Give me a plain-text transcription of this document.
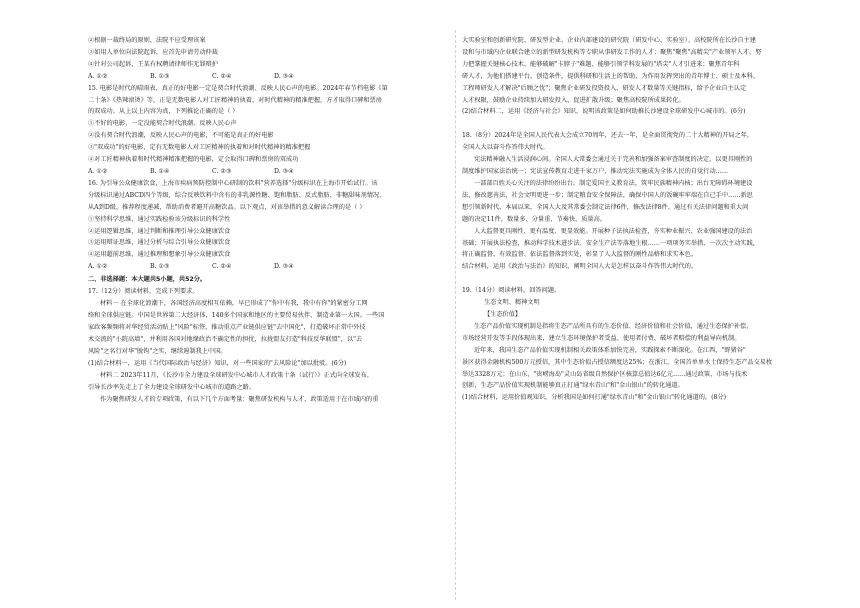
②根据一裁终局的原则，法院不应受理该案
③如用人单位向法院起诉，应首先申请劳动仲裁
④针对公司起诉，王某有权聘请律师作无罪辩护
A. ①②	B. ①③	C. ②④	D. ③④
15. 电影是时代的晴雨表，真正的好电影一定是契合时代浪潮、反映人民心声的电影。2024年春节档电影《第
二十条》《热辣滚烫》等，正是无数电影人对工匠精神的执着，对时代精神的精准把握，方才取得口碑和票房
的双成功。从上以上内容为真，下列推论正确的是（ ）
①不好的电影，一定没能契合时代浪潮、反映人民心声
②没有契合时代浪潮，反映人民心声的电影，不可能是真正的好电影
③"双成功"的好电影，定有无数电影人对工匠精神的执着和对时代精神的精准把握
④对工匠精神执着和时代精神精准把握的电影，定会取得口碑和票房的双成功
A. ①②	B. ①④	C. ②③	D. ③④
16. 为引导公众健康饮食，上海市疾病预防控制中心研制的饮料"营养选择"分级标识在上海市开始试行。该
分级标识通过ABCD四个等级，综合反映饮料中含有的非乳源性糖、饱和脂肪、反式脂肪、非糖甜味剂情况，
从A到D级，推荐程度递减，帮助消费者避开高糖饮品。以下观点，对该举措的意义解读合理的是（ ）
①坚持科学思维，通过实践检验该分级标识的科学性
②运用逻辑思维，通过判断和推理引导公众健康饮食
③运用辩证思维，通过分析与综合引导公众健康饮食
④运用超前思维，通过推理和想象引导公众健康饮食
A. ①②	B. ①③	C. ②④	D. ③④
二、非选择题：本大题共5小题，共52分。
17.（12分）阅读材料，完成下列要求。
材料一 在全球化浪潮下，各国经济高度相互依赖，早已形成了"你中有我，我中有你"的紧密分工网
络和全球供应链。中国是世界第二大经济体，140多个国家和地区的主要贸易伙伴、制造业第一大国。一些国
家政客频频将对华经贸活动贴上"风险"标签，推动重点产业链供应链"去中国化"，打造破坏正常中外技
术交流的"小院高墙"，并利用各国对地缘政治不确定性的担忧，拉拢盟友打造"科技反华联盟"，以"去
风险"之名行对华"脱钩"之实，继续遏制我上中国。
(1)结合材料一，运用《当代国际政治与经济》知识，对一些国家的"去风险论"加以批驳。(6分)
材料二 2023年11月，《长沙市全力建设全球研发中心城市人才政策十条（试行）》正式向全球发布，
引导长沙率先走上了全力建设全球研发中心城市的道路之路。
作为聚焦研发人才的专项政策，有以下几个方面考量：聚焦研发机构与人才，政策适用于在市域内的重
大实验室和创新研究院、研发型企业、企业内部建设的研究院（研发中心、实验室）、高校院所在长沙自主建
设和与市域内企业联合建立的新型研发机构等专职从事研发工作的人才；聚焦"聚焦"高精尖"产业领军人才，努
力把掌握关键核心技术、能够破解"卡脖子"难题、能够引领学科发展的"塔尖"人才引进来；聚焦青年科
研人才，为他们搭建平台、创造条件，提供科研和生活上的帮助，为作用发挥突出的青年博士、硕士及本科、
工程师研发人才解决"后顾之忧"；聚焦企业研发投资投入、研发人才数量等关键指标，给予企业自主认定
人才权限，鼓励企业持续加大研发投入，促进扩散升级；聚焦高校院所成果转化。
(2)结合材料二，运用《经济与社会》知识，说明该政策是如何助推长沙建设全球研发中心城市的。(6分)
18.（8分）2024年是全国人民代表大会成立70周年，还去一年，是全面贯彻党的二十大精神的开局之年，
全国人大以奋斗作答伟大时代。
宪法精神融入生活浸润心间。全国人大常委会通过关于完善和加强备案审查制度的决定，以更具刚性的
制度维护国家法治统一；宪法宣传教育走进千家万户，推动宪法实施成为全体人民的自觉行动……
一部部百姓关心关注的法律纷纷出台。制定爱国主义教育法，筑牢民族精神内核；出台无障碍环境建设
法，修改慈善法，社会文明更进一步；制定粮食安全保障法，确保中国人的饭碗牢牢端在自己手中……新思
想引领新时代，本届以来，全国人大及其常委会制定法律6件，修改法律8件，通过有关法律问题和重大问
题的决定11件，数量多、分量重、节奏快、质量高。
人大监督更具刚性、更有温度、更显效能。开展种子法执法检查，夯实种业振兴、农业强国建设的法治
基础；开展执法检查，推动科学技术进步法、安全生产法等落地生根……一项项务实举措、一次次主动实践，
将正确监督、有效监督、依法监督落到实处，彰显了人大监督的刚性品格和求实本色。
结合材料，运用《政治与法治》的知识，阐明全国人大是怎样以奋斗作答伟大时代的。
19.（14分）阅读材料，回答问题。
生态文明、精神文明
【生态价值】
生态产品价值实现机制是指将生态产品所具有的生态价值、经济价值和社会价值，通过生态保护补偿、
市场经营开发等手段体现出来，建立生态环境保护者受益、使用者付费、破坏者赔偿的利益导向机制。
近年来，我国生态产品价值实现机制相关政策体系加快完善，实践探索不断深化。在江西，"野猪谷"
景区获得金融机构500万元授信，其中生态价值占授信额度达25%；在浙江，全国首单单水土保持生态产品交易枚
举达3328万元；在山东，"贵崂海岛"灵山岛省级自然保护区核算总值达6亿元……通过政策、市场与技术
创新，生态产品价值实现机制能够真正打通"绿水青山"和"金山银山"的转化通道。
(1)结合材料，运用价值观知识，分析我国是如何打通"绿水青山"和"金山银山"转化通道的。(8分)
